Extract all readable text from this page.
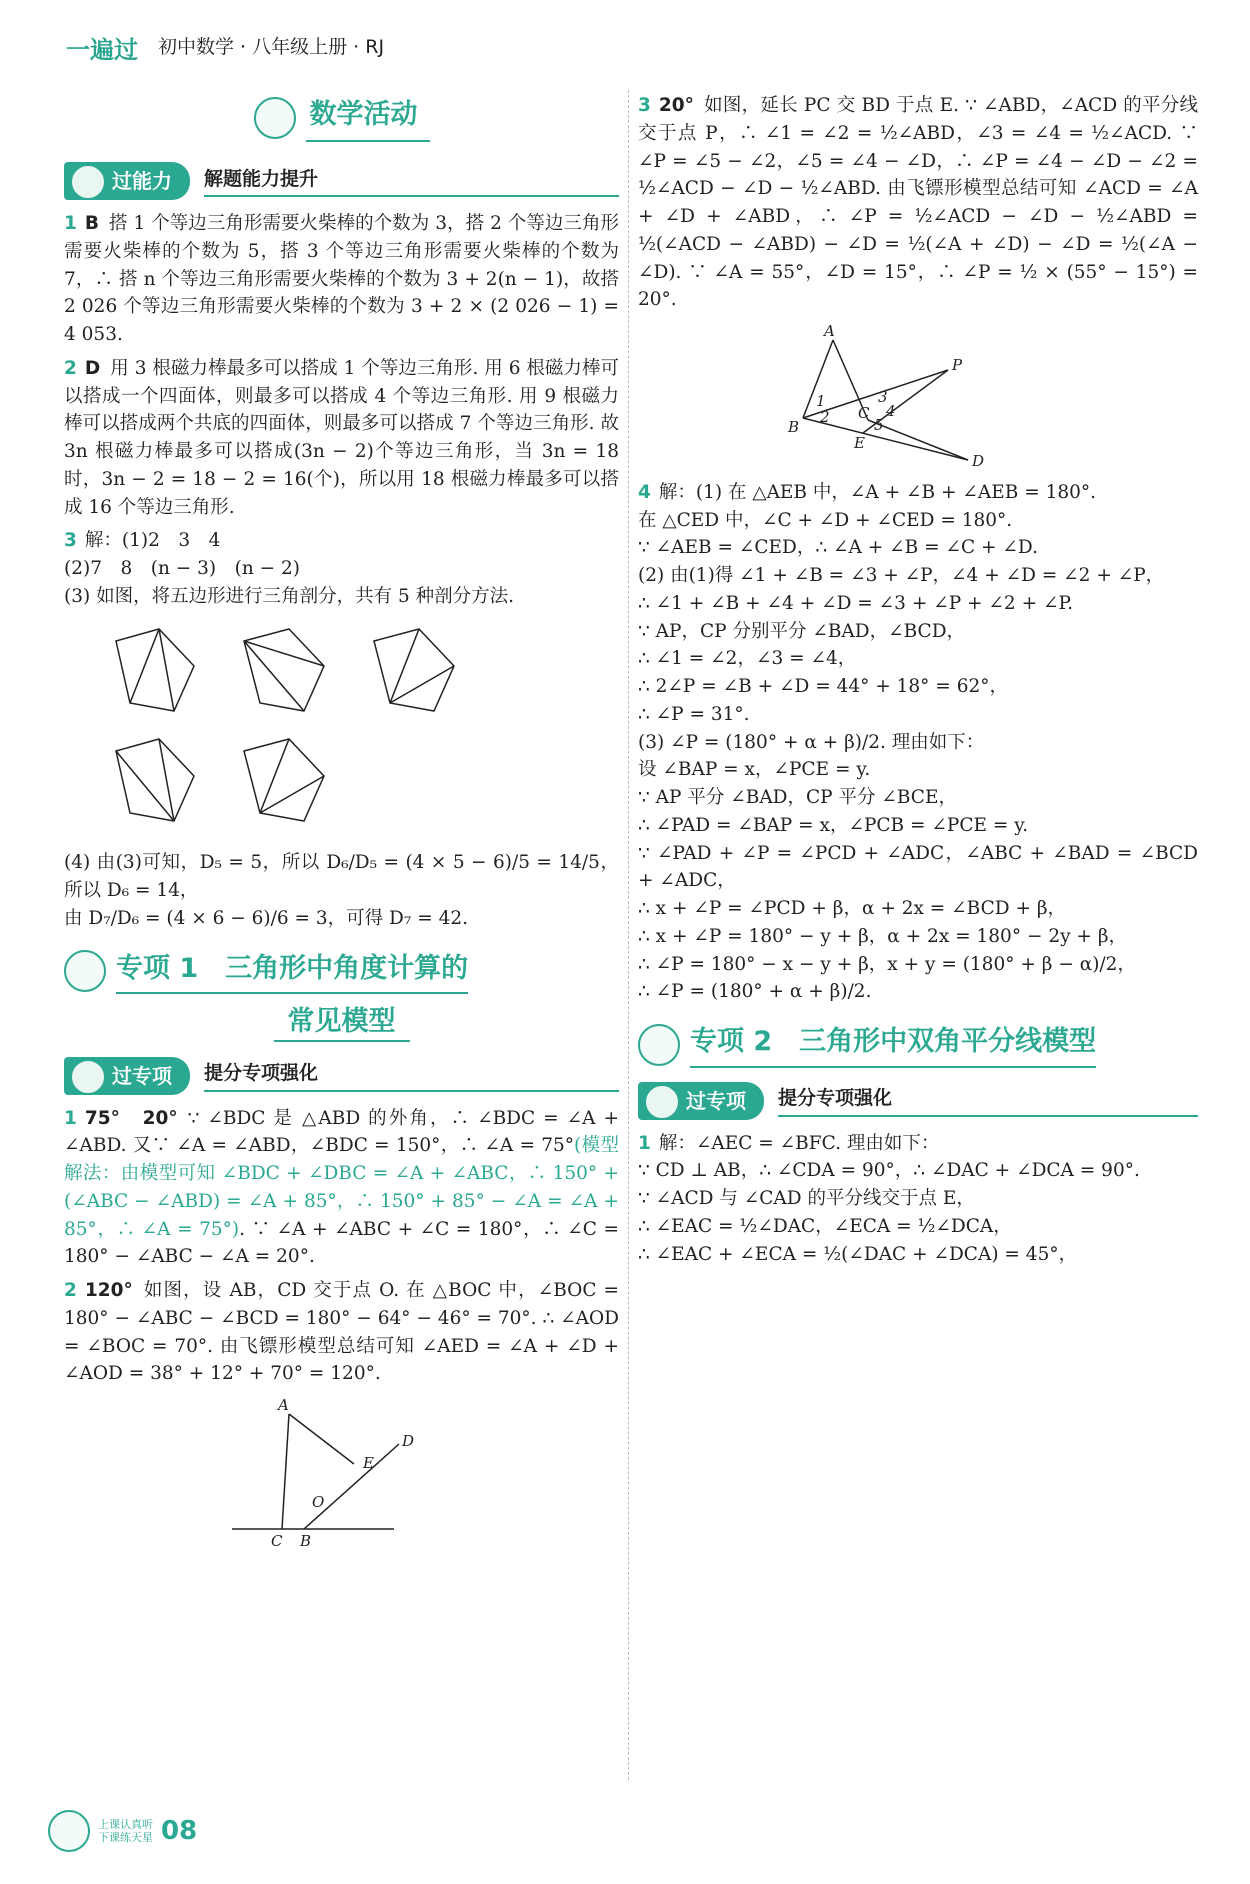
一遍过 初中数学 · 八年级上册 · RJ
数学活动
过能力	解题能力提升

1 B 搭 1 个等边三角形需要火柴棒的个数为 3，搭 2 个等边三角形需要火柴棒的个数为 5，搭 3 个等边三角形需要火柴棒的个数为 7，∴ 搭 n 个等边三角形需要火柴棒的个数为 3 + 2(n − 1)，故搭 2 026 个等边三角形需要火柴棒的个数为 3 + 2 × (2 026 − 1) = 4 053.

2 D 用 3 根磁力棒最多可以搭成 1 个等边三角形. 用 6 根磁力棒可以搭成一个四面体，则最多可以搭成 4 个等边三角形. 用 9 根磁力棒可以搭成两个共底的四面体，则最多可以搭成 7 个等边三角形. 故 3n 根磁力棒最多可以搭成(3n − 2)个等边三角形，当 3n = 18 时，3n − 2 = 18 − 2 = 16(个)，所以用 18 根磁力棒最多可以搭成 16 个等边三角形.

3 解：(1)2　3　4

(2)7　8　(n − 3)　(n − 2)

(3) 如图，将五边形进行三角剖分，共有 5 种剖分方法.

(4) 由(3)可知，D₅ = 5，所以 D₆/D₅ = (4 × 5 − 6)/5 = 14/5，所以 D₆ = 14，

由 D₇/D₆ = (4 × 6 − 6)/6 = 3，可得 D₇ = 42.

专项 1　三角形中角度计算的
常见模型
过专项	提分专项强化

1 75°　20° ∵ ∠BDC 是 △ABD 的外角，∴ ∠BDC = ∠A + ∠ABD. 又∵ ∠A = ∠ABD，∠BDC = 150°，∴ ∠A = 75°(模型解法：由模型可知 ∠BDC + ∠DBC = ∠A + ∠ABC，∴ 150° + (∠ABC − ∠ABD) = ∠A + 85°，∴ 150° + 85° − ∠A = ∠A + 85°，∴ ∠A = 75°). ∵ ∠A + ∠ABC + ∠C = 180°，∴ ∠C = 180° − ∠ABC − ∠A = 20°.

2 120° 如图，设 AB，CD 交于点 O. 在 △BOC 中，∠BOC = 180° − ∠ABC − ∠BCD = 180° − 64° − 46° = 70°. ∴ ∠AOD = ∠BOC = 70°. 由飞镖形模型总结可知 ∠AED = ∠A + ∠D + ∠AOD = 38° + 12° + 70° = 120°.

A
C B
D
E
O

3 20° 如图，延长 PC 交 BD 于点 E. ∵ ∠ABD，∠ACD 的平分线交于点 P，∴ ∠1 = ∠2 = ½∠ABD，∠3 = ∠4 = ½∠ACD. ∵ ∠P = ∠5 − ∠2，∠5 = ∠4 − ∠D，∴ ∠P = ∠4 − ∠D − ∠2 = ½∠ACD − ∠D − ½∠ABD. 由飞镖形模型总结可知 ∠ACD = ∠A + ∠D + ∠ABD，∴ ∠P = ½∠ACD − ∠D − ½∠ABD = ½(∠ACD − ∠ABD) − ∠D = ½(∠A + ∠D) − ∠D = ½(∠A − ∠D). ∵ ∠A = 55°，∠D = 15°，∴ ∠P = ½ × (55° − 15°) = 20°.

A
B
C
D
E
P
1
2
3
4
5

4 解：(1) 在 △AEB 中，∠A + ∠B + ∠AEB = 180°.

在 △CED 中，∠C + ∠D + ∠CED = 180°.

∵ ∠AEB = ∠CED，∴ ∠A + ∠B = ∠C + ∠D.

(2) 由(1)得 ∠1 + ∠B = ∠3 + ∠P，∠4 + ∠D = ∠2 + ∠P，

∴ ∠1 + ∠B + ∠4 + ∠D = ∠3 + ∠P + ∠2 + ∠P.

∵ AP，CP 分别平分 ∠BAD，∠BCD，

∴ ∠1 = ∠2，∠3 = ∠4，

∴ 2∠P = ∠B + ∠D = 44° + 18° = 62°，

∴ ∠P = 31°.

(3) ∠P = (180° + α + β)/2. 理由如下：

设 ∠BAP = x，∠PCE = y.

∵ AP 平分 ∠BAD，CP 平分 ∠BCE，

∴ ∠PAD = ∠BAP = x，∠PCB = ∠PCE = y.

∵ ∠PAD + ∠P = ∠PCD + ∠ADC，∠ABC + ∠BAD = ∠BCD + ∠ADC，

∴ x + ∠P = ∠PCD + β，α + 2x = ∠BCD + β，

∴ x + ∠P = 180° − y + β，α + 2x = 180° − 2y + β，

∴ ∠P = 180° − x − y + β，x + y = (180° + β − α)/2，

∴ ∠P = (180° + α + β)/2.

专项 2　三角形中双角平分线模型
过专项	提分专项强化

1 解：∠AEC = ∠BFC. 理由如下：

∵ CD ⊥ AB，∴ ∠CDA = 90°，∴ ∠DAC + ∠DCA = 90°.

∵ ∠ACD 与 ∠CAD 的平分线交于点 E，

∴ ∠EAC = ½∠DAC，∠ECA = ½∠DCA，

∴ ∠EAC + ∠ECA = ½(∠DAC + ∠DCA) = 45°，

上课认真听
下课练天星 08
